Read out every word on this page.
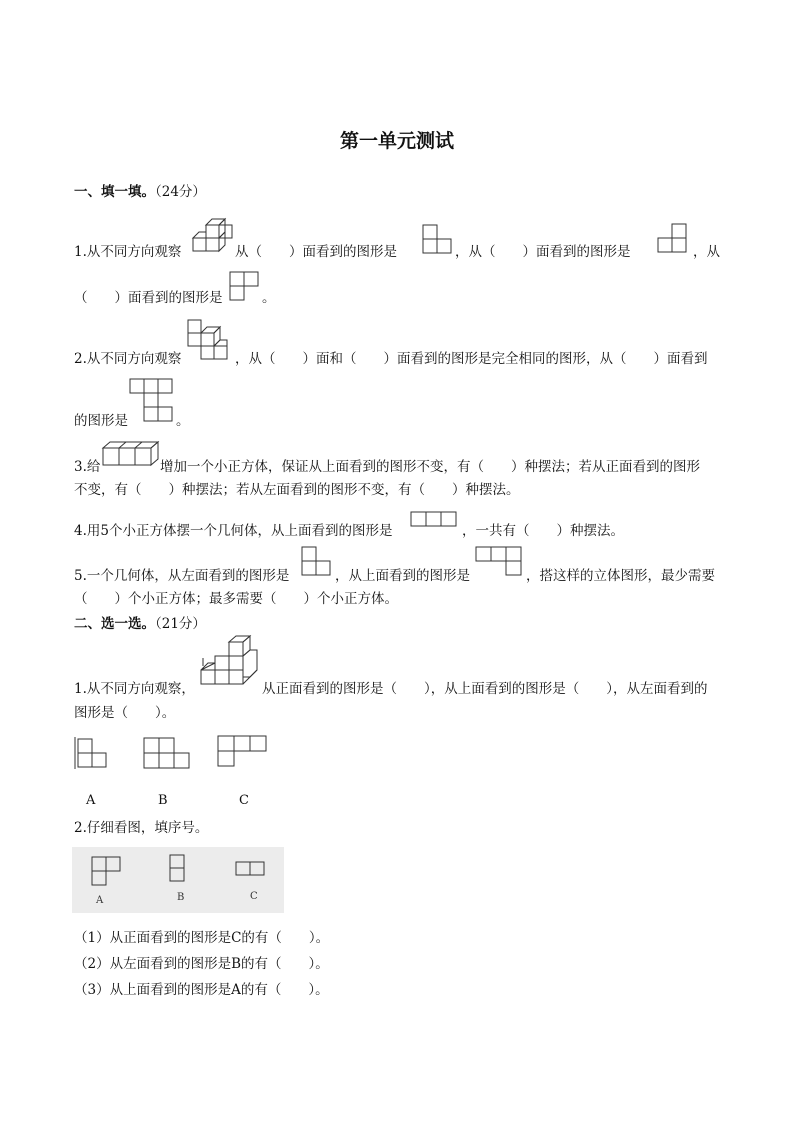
第一单元测试
一、填一填。（24分）
1.从不同方向观察	从（　　）面看到的图形是	，从（　　）面看到的图形是	，从
（　　）面看到的图形是	。
2.从不同方向观察	，从（　　）面和（　　）面看到的图形是完全相同的图形，从（　　）面看到
的图形是	。
3.给	增加一个小正方体，保证从上面看到的图形不变，有（　　）种摆法；若从正面看到的图形
不变，有（　　）种摆法；若从左面看到的图形不变，有（　　）种摆法。
4.用5个小正方体摆一个几何体，从上面看到的图形是	，一共有（　　）种摆法。
5.一个几何体，从左面看到的图形是	，从上面看到的图形是	，搭这样的立体图形，最少需要
（　　）个小正方体；最多需要（　　）个小正方体。
二、选一选。（21分）
1.从不同方向观察，	从正面看到的图形是（　　），从上面看到的图形是（　　），从左面看到的
图形是（　　）。
A	B	C
2.仔细看图，填序号。
A	B	C
（1）从正面看到的图形是C的有（　　）。
（2）从左面看到的图形是B的有（　　）。
（3）从上面看到的图形是A的有（　　）。
